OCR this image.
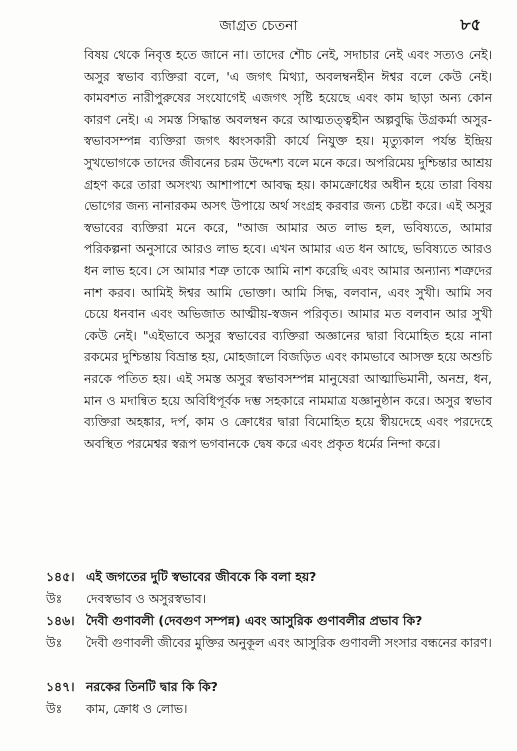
জাগ্রত চেতনা	৮৫
বিষয় থেকে নিবৃত্ত হতে জানে না। তাদের শৌচ নেই, সদাচার নেই এবং সত্যও নেই। অসুর স্বভাব ব্যক্তিরা বলে, 'এ জগৎ মিথ্যা, অবলম্বনহীন ঈশ্বর বলে কেউ নেই। কামবশত নারীপুরুষের সংযোগেই এজগৎ সৃষ্টি হয়েছে এবং কাম ছাড়া অন্য কোন কারণ নেই। এ সমস্ত সিদ্ধান্ত অবলম্বন করে আত্মতত্ত্বহীন অল্পবুদ্ধি উগ্রকর্মা অসুর-স্বভাবসম্পন্ন ব্যক্তিরা জগৎ ধ্বংসকারী কার্যে নিযুক্ত হয়। মৃত্যুকাল পর্যন্ত ইন্দ্রিয় সুখভোগকে তাদের জীবনের চরম উদ্দেশ্য বলে মনে করে। অপরিমেয় দুশ্চিন্তার আশ্রয় গ্রহণ করে তারা অসংখ্য আশাপাশে আবদ্ধ হয়। কামক্রোধের অধীন হয়ে তারা বিষয় ভোগের জন্য নানারকম অসৎ উপায়ে অর্থ সংগ্রহ করবার জন্য চেষ্টা করে। এই অসুর স্বভাবের ব্যক্তিরা মনে করে, "আজ আমার অত লাভ হল, ভবিষ্যতে, আমার পরিকল্পনা অনুসারে আরও লাভ হবে। এখন আমার এত ধন আছে, ভবিষ্যতে আরও ধন লাভ হবে। সে আমার শত্রু তাকে আমি নাশ করেছি এবং আমার অন্যান্য শত্রুদের নাশ করব। আমিই ঈশ্বর আমি ভোক্তা। আমি সিদ্ধ, বলবান, এবং সুখী। আমি সব চেয়ে ধনবান এবং অভিজাত আত্মীয়-স্বজন পরিবৃত। আমার মত বলবান আর সুখী কেউ নেই। "এইভাবে অসুর স্বভাবের ব্যক্তিরা অজ্ঞানের দ্বারা বিমোহিত হয়ে নানা রকমের দুশ্চিন্তায় বিভ্রান্ত হয়, মোহজালে বিজড়িত এবং কামভাবে আসক্ত হয়ে অশুচি নরকে পতিত হয়। এই সমস্ত অসুর স্বভাবসম্পন্ন মানুষেরা আত্মাভিমানী, অনম্র, ধন, মান ও মদান্বিত হয়ে অবিধিপূর্বক দম্ভ সহকারে নামমাত্র যজ্ঞানুষ্ঠান করে। অসুর স্বভাব ব্যক্তিরা অহঙ্কার, দর্প, কাম ও ক্রোধের দ্বারা বিমোহিত হয়ে স্বীয়দেহে এবং পরদেহে অবস্থিত পরমেশ্বর স্বরূপ ভগবানকে দ্বেষ করে এবং প্রকৃত ধর্মের নিন্দা করে।
১৪৫। এই জগতের দুটি স্বভাবের জীবকে কি বলা হয়?
উঃ	দেবস্বভাব ও অসুরস্বভাব।
১৪৬। দৈবী গুণাবলী (দেবগুণ সম্পন্ন) এবং আসুরিক গুণাবলীর প্রভাব কি?
উঃ	দৈবী গুণাবলী জীবের মুক্তির অনুকূল এবং আসুরিক গুণাবলী সংসার বন্ধনের কারণ।
১৪৭। নরকের তিনটি দ্বার কি কি?
উঃ	কাম, ক্রোধ ও লোভ।
